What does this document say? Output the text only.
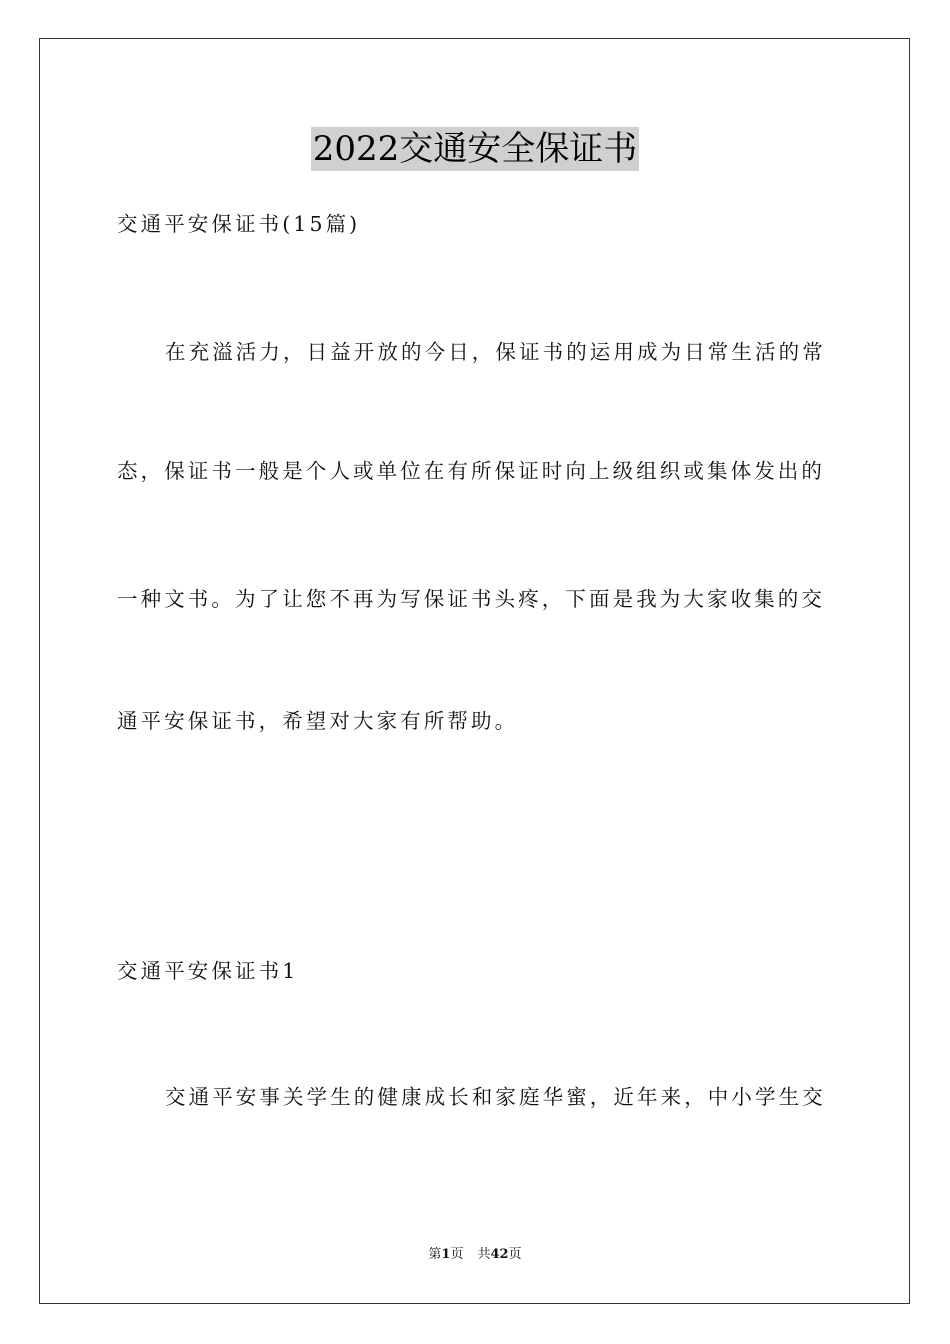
2022交通安全保证书
交通平安保证书(15篇)
在充溢活力，日益开放的今日，保证书的运用成为日常生活的常
态，保证书一般是个人或单位在有所保证时向上级组织或集体发出的
一种文书。为了让您不再为写保证书头疼，下面是我为大家收集的交
通平安保证书，希望对大家有所帮助。
交通平安保证书1
交通平安事关学生的健康成长和家庭华蜜，近年来，中小学生交
第1页 共42页
